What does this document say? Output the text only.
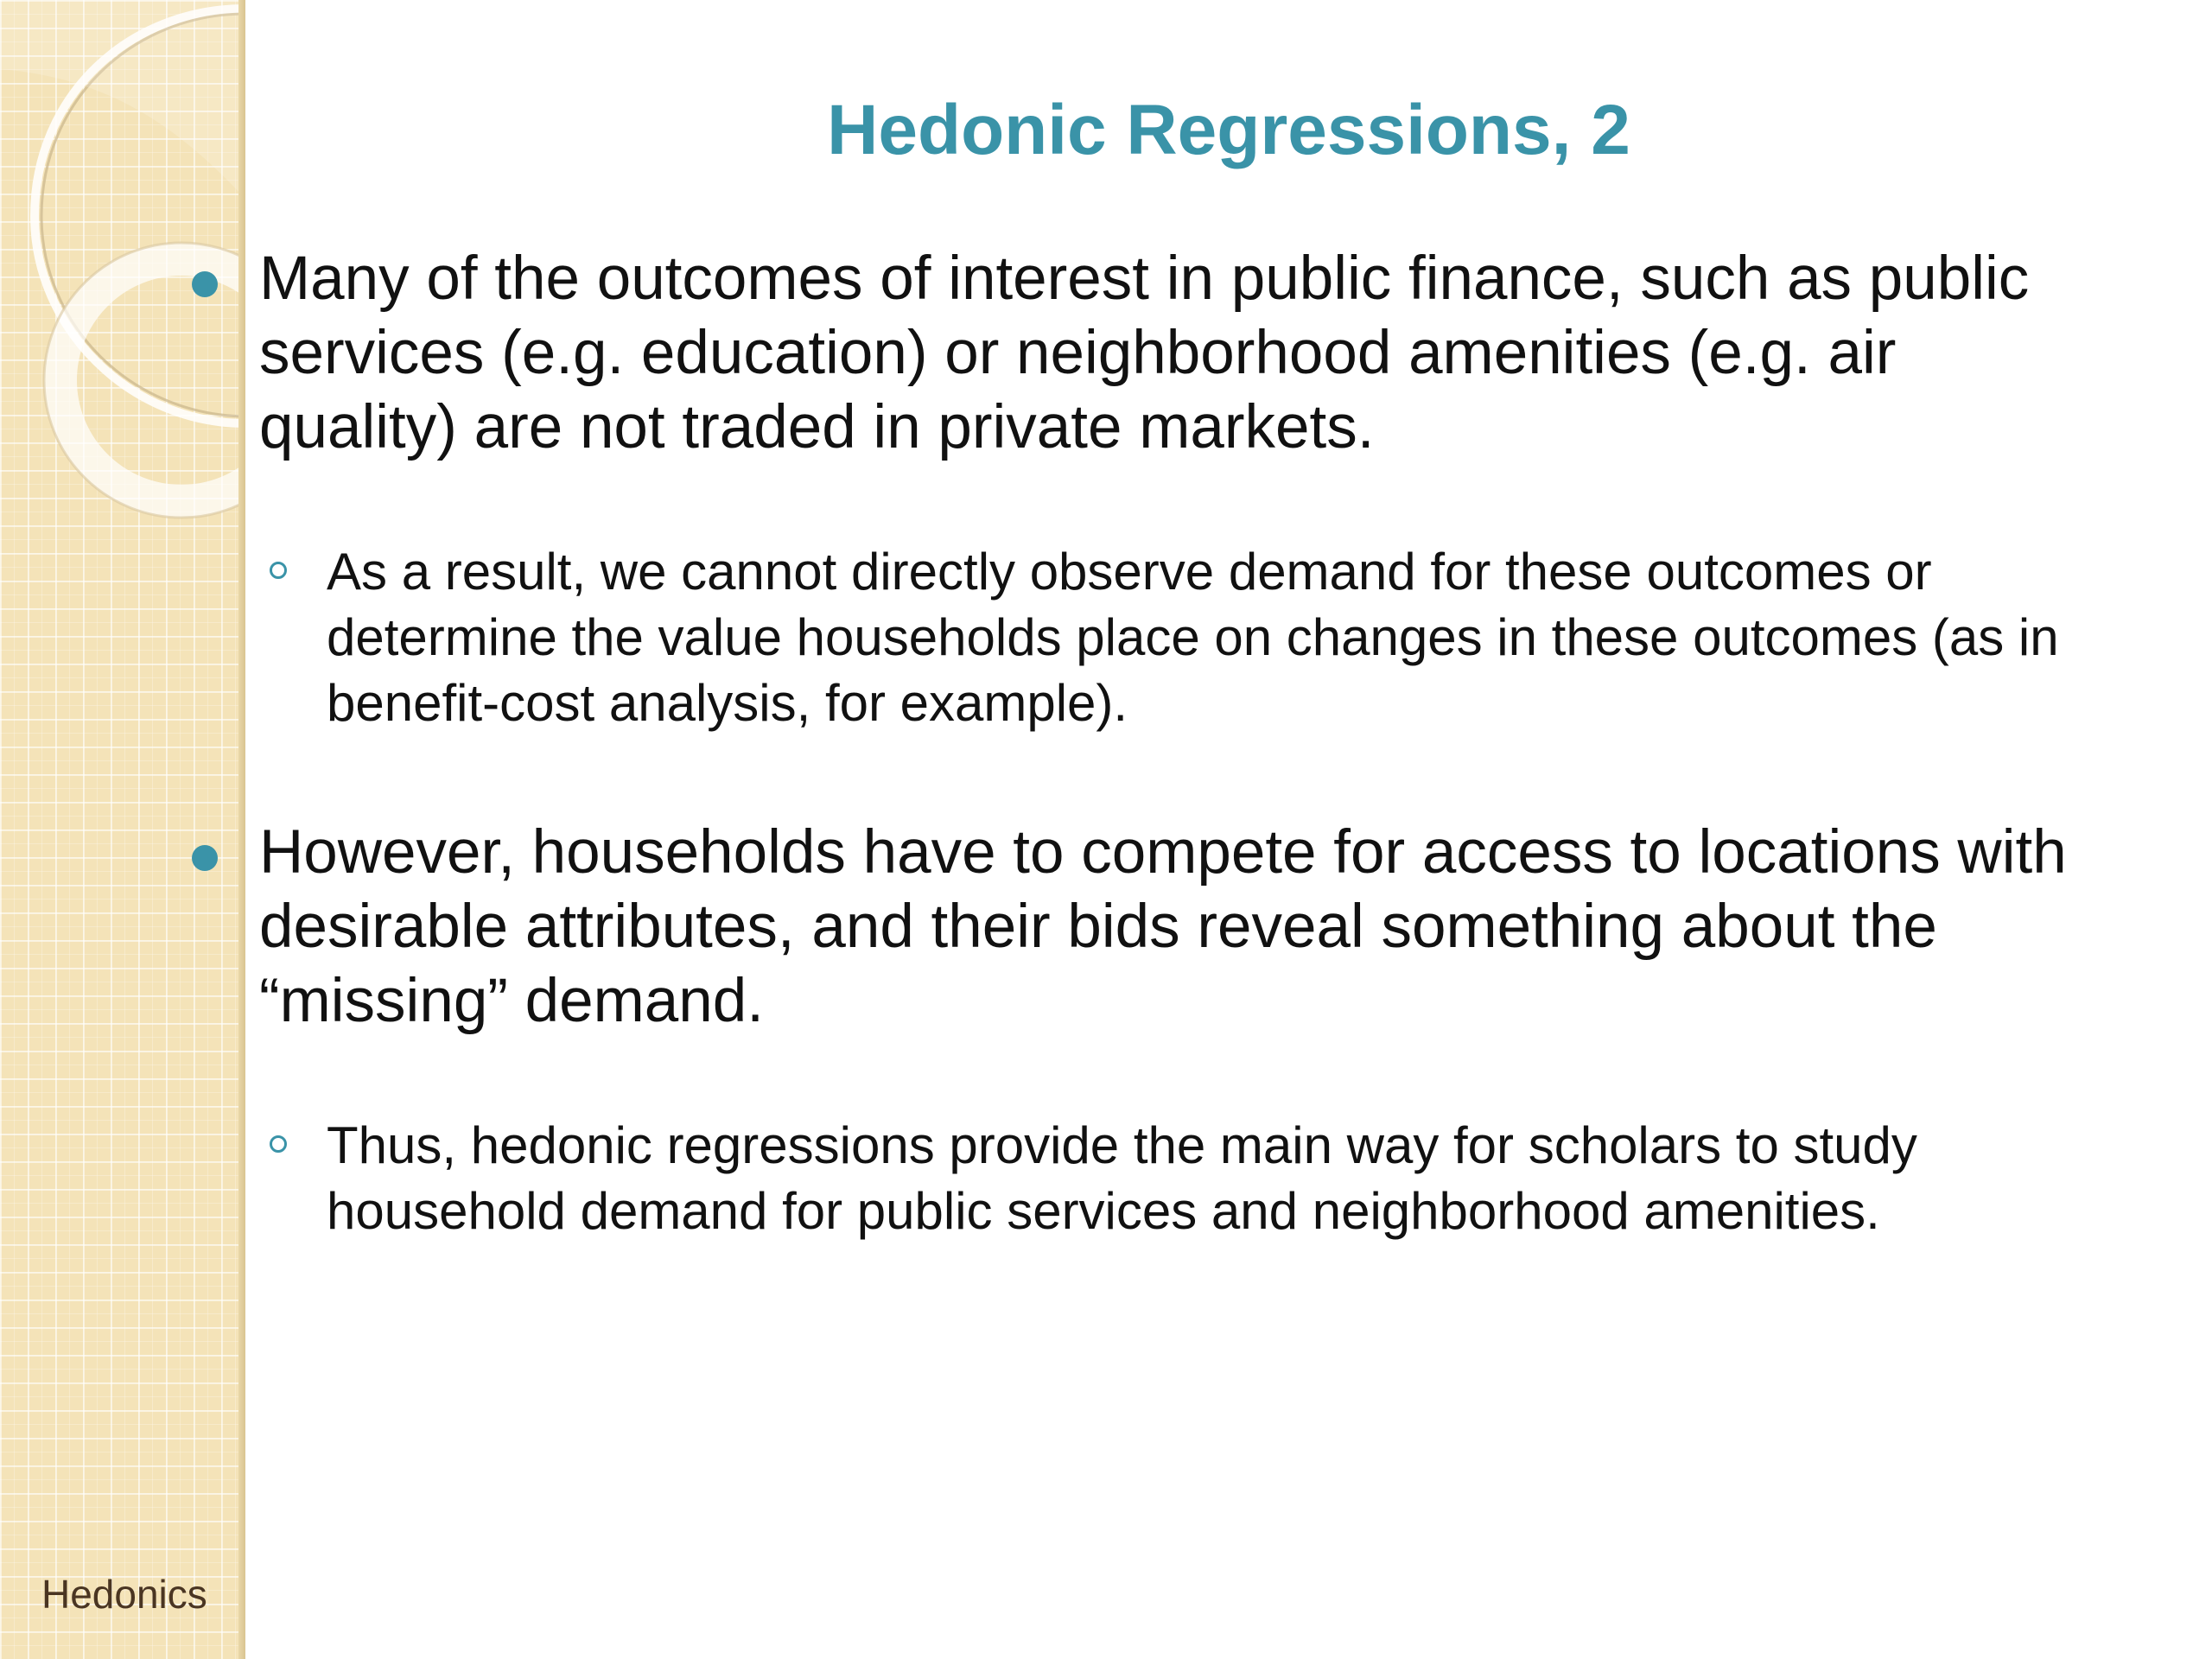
Hedonics
Hedonic Regressions, 2
Many of the outcomes of interest in public finance, such as public services (e.g. education) or neighborhood amenities (e.g. air quality) are not traded in private markets.
As a result, we cannot directly observe demand for these outcomes or determine the value households place on changes in these outcomes (as in benefit-cost analysis, for example).
However, households have to compete for access to locations with desirable attributes, and their bids reveal something about the “missing” demand.
Thus, hedonic regressions provide the main way for scholars to study household demand for public services and neighborhood amenities.
